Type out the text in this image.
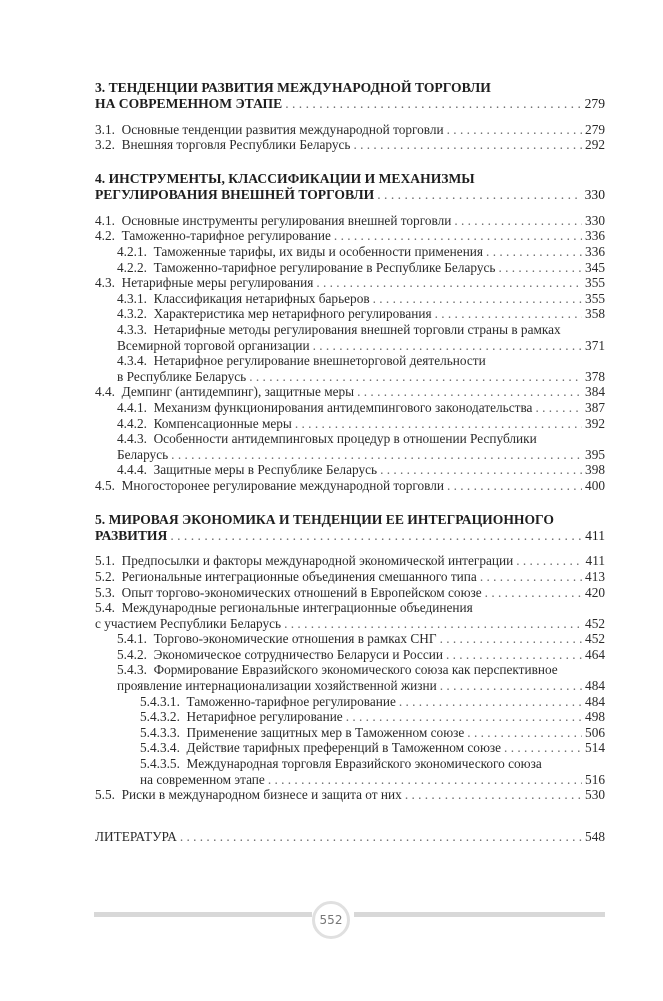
3. ТЕНДЕНЦИИ РАЗВИТИЯ МЕЖДУНАРОДНОЙ ТОРГОВЛИ
НА СОВРЕМЕННОМ ЭТАПЕ . . .	279
3.1. Основные тенденции развития международной торговли . . .	279
3.2. Внешняя торговля Республики Беларусь . . .	292
4. ИНСТРУМЕНТЫ, КЛАССИФИКАЦИИ И МЕХАНИЗМЫ
РЕГУЛИРОВАНИЯ ВНЕШНЕЙ ТОРГОВЛИ . . .	330
4.1. Основные инструменты регулирования внешней торговли . . .	330
4.2. Таможенно-тарифное регулирование . . .	336
4.2.1. Таможенные тарифы, их виды и особенности применения . . .	336
4.2.2. Таможенно-тарифное регулирование в Республике Беларусь . . .	345
4.3. Нетарифные меры регулирования . . .	355
4.3.1. Классификация нетарифных барьеров . . .	355
4.3.2. Характеристика мер нетарифного регулирования . . .	358
4.3.3. Нетарифные методы регулирования внешней торговли страны в рамках
Всемирной торговой организации . . .	371
4.3.4. Нетарифное регулирование внешнеторговой деятельности
в Республике Беларусь . . .	378
4.4. Демпинг (антидемпинг), защитные меры . . .	384
4.4.1. Механизм функционирования антидемпингового законодательства . . .	387
4.4.2. Компенсационные меры . . .	392
4.4.3. Особенности антидемпинговых процедур в отношении Республики
Беларусь . . .	395
4.4.4. Защитные меры в Республике Беларусь . . .	398
4.5. Многосторонее регулирование международной торговли . . .	400
5. МИРОВАЯ ЭКОНОМИКА И ТЕНДЕНЦИИ ЕЕ ИНТЕГРАЦИОННОГО
РАЗВИТИЯ . . .	411
5.1. Предпосылки и факторы международной экономической интеграции . . .	411
5.2. Региональные интеграционные объединения смешанного типа . . .	413
5.3. Опыт торгово-экономических отношений в Европейском союзе . . .	420
5.4. Международные региональные интеграционные объединения
с участием Республики Беларусь . . .	452
5.4.1. Торгово-экономические отношения в рамках СНГ . . .	452
5.4.2. Экономическое сотрудничество Беларуси и России . . .	464
5.4.3. Формирование Евразийского экономического союза как перспективное
проявление интернационализации хозяйственной жизни . . .	484
5.4.3.1. Таможенно-тарифное регулирование . . .	484
5.4.3.2. Нетарифное регулирование . . .	498
5.4.3.3. Применение защитных мер в Таможенном союзе . . .	506
5.4.3.4. Действие тарифных преференций в Таможенном союзе . . .	514
5.4.3.5. Международная торговля Евразийского экономического союза
на современном этапе . . .	516
5.5. Риски в международном бизнесе и защита от них . . .	530
ЛИТЕРАТУРА . . .	548
552
